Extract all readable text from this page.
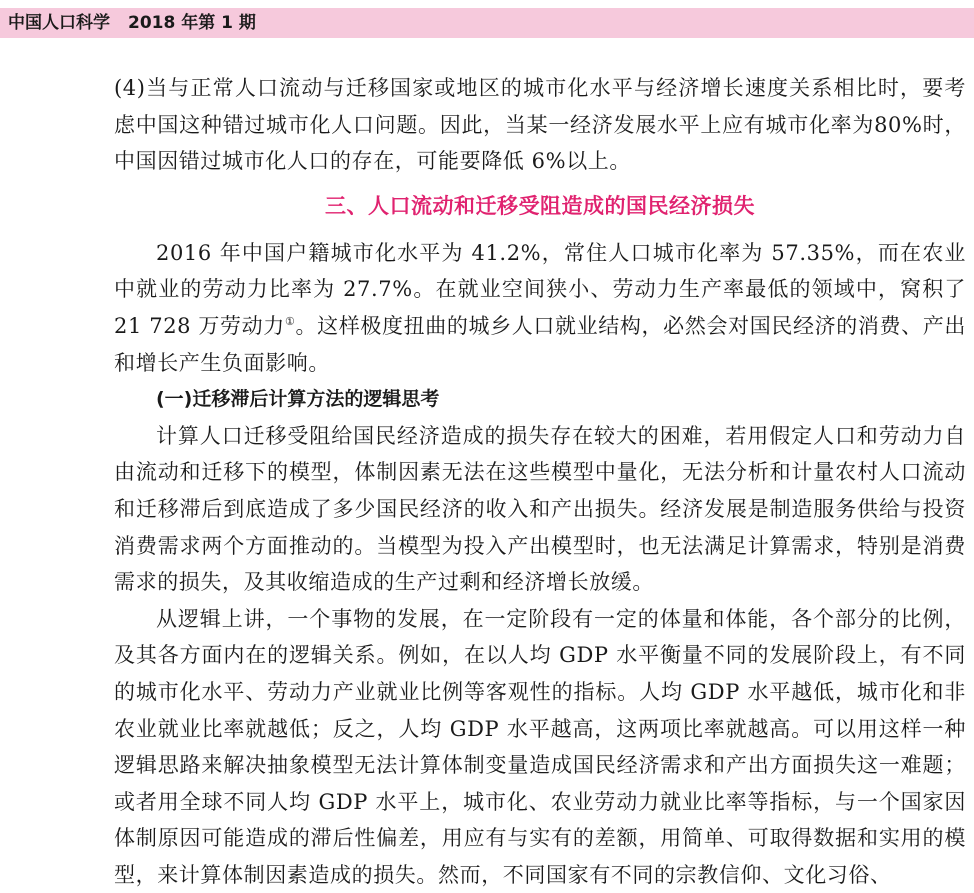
中国人口科学 2018 年第 1 期

(4)当与正常人口流动与迁移国家或地区的城市化水平与经济增长速度关系相比时，要考虑中国这种错过城市化人口问题。因此，当某一经济发展水平上应有城市化率为80%时，中国因错过城市化人口的存在，可能要降低 6%以上。

三、人口流动和迁移受阻造成的国民经济损失

2016 年中国户籍城市化水平为 41.2%，常住人口城市化率为 57.35%，而在农业中就业的劳动力比率为 27.7%。在就业空间狭小、劳动力生产率最低的领域中，窝积了 21 728 万劳动力①。这样极度扭曲的城乡人口就业结构，必然会对国民经济的消费、产出和增长产生负面影响。

(一)迁移滞后计算方法的逻辑思考

计算人口迁移受阻给国民经济造成的损失存在较大的困难，若用假定人口和劳动力自由流动和迁移下的模型，体制因素无法在这些模型中量化，无法分析和计量农村人口流动和迁移滞后到底造成了多少国民经济的收入和产出损失。经济发展是制造服务供给与投资消费需求两个方面推动的。当模型为投入产出模型时，也无法满足计算需求，特别是消费需求的损失，及其收缩造成的生产过剩和经济增长放缓。

从逻辑上讲，一个事物的发展，在一定阶段有一定的体量和体能，各个部分的比例，及其各方面内在的逻辑关系。例如，在以人均 GDP 水平衡量不同的发展阶段上，有不同的城市化水平、劳动力产业就业比例等客观性的指标。人均 GDP 水平越低，城市化和非农业就业比率就越低；反之，人均 GDP 水平越高，这两项比率就越高。可以用这样一种逻辑思路来解决抽象模型无法计算体制变量造成国民经济需求和产出方面损失这一难题；或者用全球不同人均 GDP 水平上，城市化、农业劳动力就业比率等指标，与一个国家因体制原因可能造成的滞后性偏差，用应有与实有的差额，用简单、可取得数据和实用的模型，来计算体制因素造成的损失。然而，不同国家有不同的宗教信仰、文化习俗、
